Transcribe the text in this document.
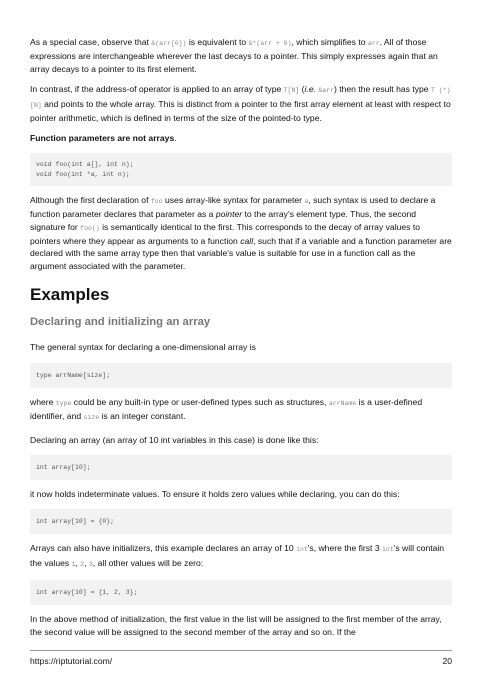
As a special case, observe that &(arr[0]) is equivalent to &*(arr + 0), which simplifies to arr. All of those expressions are interchangeable wherever the last decays to a pointer. This simply expresses again that an array decays to a pointer to its first element.

In contrast, if the address-of operator is applied to an array of type T[N] (i.e. &arr) then the result has type T (*)[N] and points to the whole array. This is distinct from a pointer to the first array element at least with respect to pointer arithmetic, which is defined in terms of the size of the pointed-to type.

Function parameters are not arrays.

void foo(int a[], int n);
void foo(int *a, int n);

Although the first declaration of foo uses array-like syntax for parameter a, such syntax is used to declare a function parameter declares that parameter as a pointer to the array's element type. Thus, the second signature for foo() is semantically identical to the first. This corresponds to the decay of array values to pointers where they appear as arguments to a function call, such that if a variable and a function parameter are declared with the same array type then that variable's value is suitable for use in a function call as the argument associated with the parameter.

Examples
Declaring and initializing an array

The general syntax for declaring a one-dimensional array is

type arrName[size];

where type could be any built-in type or user-defined types such as structures, arrName is a user-defined identifier, and size is an integer constant.

Declaring an array (an array of 10 int variables in this case) is done like this:

int array[10];

it now holds indeterminate values. To ensure it holds zero values while declaring, you can do this:

int array[10] = {0};

Arrays can also have initializers, this example declares an array of 10 int's, where the first 3 int's will contain the values 1, 2, 3, all other values will be zero:

int array[10] = {1, 2, 3};

In the above method of initialization, the first value in the list will be assigned to the first member of the array, the second value will be assigned to the second member of the array and so on. If the

https://riptutorial.com/	20
